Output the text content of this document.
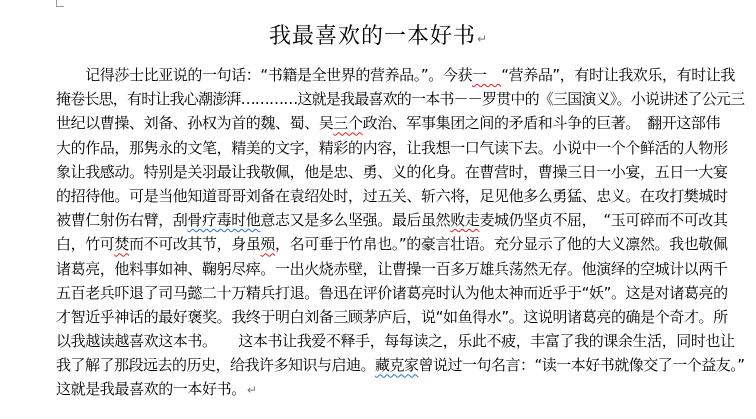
我最喜欢的一本好书↵
　　记得莎士比亚说的一句话：“书籍是全世界的营养品。”。今获一　“营养品”，有时让我欢乐，有时让我
掩卷长思，有时让我心潮澎湃…………这就是我最喜欢的一本书－－罗贯中的《三国演义》。小说讲述了公元三
世纪以曹操、刘备、孙权为首的魏、蜀、吴三个政治、军事集团之间的矛盾和斗争的巨著。　翻开这部伟
大的作品，那隽永的文笔，精美的文字，精彩的内容，让我想一口气读下去。小说中一个个鲜活的人物形
象让我感动。特别是关羽最让我敬佩，他是忠、勇、义的化身。在曹营时，曹操三日一小宴，五日一大宴
的招待他。可是当他知道哥哥刘备在袁绍处时，过五关、斩六将，足见他多么勇猛、忠义。在攻打樊城时
被曹仁射伤右臂，刮骨疗毒时他意志又是多么坚强。最后虽然败走麦城仍坚贞不屈，　“玉可碎而不可改其
白，竹可焚而不可改其节，身虽殒，名可垂于竹帛也。”的豪言壮语。充分显示了他的大义凛然。我也敬佩
诸葛亮，他料事如神、鞠躬尽瘁。一出火烧赤壁，让曹操一百多万雄兵荡然无存。他演绎的空城计以两千
五百老兵吓退了司马懿二十万精兵打退。鲁迅在评价诸葛亮时认为他太神而近乎于“妖”。这是对诸葛亮的
才智近乎神话的最好褒奖。我终于明白刘备三顾茅庐后，说“如鱼得水”。这说明诸葛亮的确是个奇才。所
以我越读越喜欢这本书。　　这本书让我爱不释手，每每读之，乐此不疲，丰富了我的课余生活，同时也让
我了解了那段远去的历史，给我许多知识与启迪。藏克家曾说过一句名言：“读一本好书就像交了一个益友。”
这就是我最喜欢的一本好书。↵
